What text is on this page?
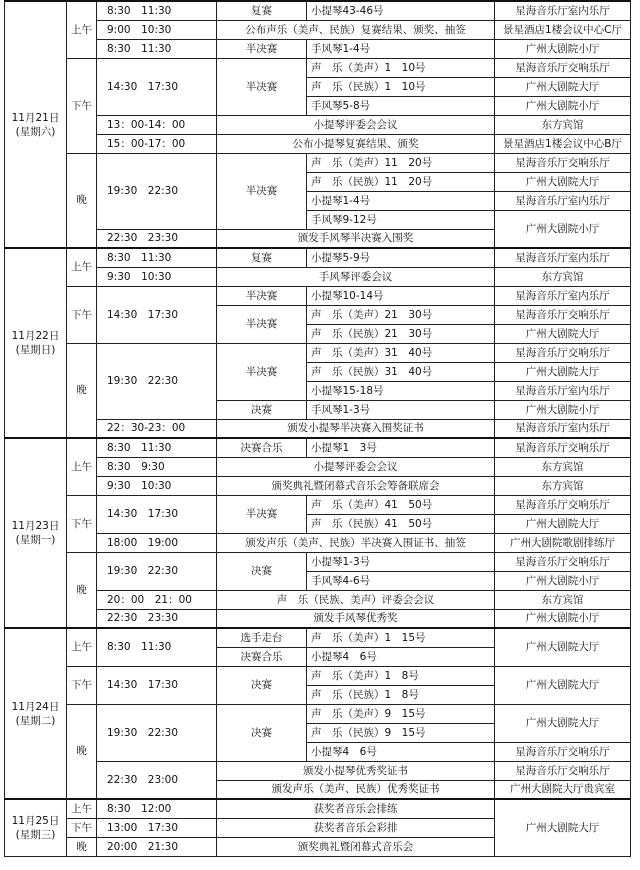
11月21日
(星期六)	上午	8:30　11:30	复赛	小提琴43-46号	星海音乐厅室内乐厅	
		9:00　10:30	公布声乐（美声、民族）复赛结果、颁奖、抽签		景星酒店1楼会议中心C厅	
		8:30　11:30	半决赛	手风琴1-4号	广州大剧院小厅	
	下午	14:30　17:30	半决赛	声　乐（美声）1　10号	星海音乐厅交响乐厅	
				声　乐（民族）1　10号	广州大剧院大厅	
				手风琴5-8号	广州大剧院小厅	
		13：00-14：00	小提琴评委会会议		东方宾馆	
		15：00-17：00	公布小提琴复赛结果、颁奖		景星酒店1楼会议中心B厅	
	晚	19:30　22:30	半决赛	声　乐（美声）11　20号	星海音乐厅交响乐厅	
				声　乐（民族）11　20号	广州大剧院大厅	
				小提琴1-4号	星海音乐厅室内乐厅	
				手风琴9-12号	广州大剧院小厅	
		22:30　23:30	颁发手风琴半决赛入围奖			

11月22日
(星期日)	上午	8:30　11:30	复赛	小提琴5-9号	星海音乐厅室内乐厅	
		9:30　10:30	手风琴评委会议		东方宾馆	
	下午	14:30　17:30	半决赛	小提琴10-14号	星海音乐厅室内乐厅	
			半决赛	声　乐（美声）21　30号	星海音乐厅交响乐厅	
				声　乐（民族）21　30号	广州大剧院大厅	
	晚	19:30　22:30	半决赛	声　乐（美声）31　40号	星海音乐厅交响乐厅	
				声　乐（民族）31　40号	广州大剧院大厅	
				小提琴15-18号	星海音乐厅室内乐厅	
			决赛	手风琴1-3号	广州大剧院小厅	
		22：30-23：00	颁发小提琴半决赛入围奖证书		星海音乐厅室内乐厅	

11月23日
(星期一)	上午	8:30　11:30	决赛合乐	小提琴1　3号	星海音乐厅交响乐厅	
		8:30　9:30	小提琴评委会会议		东方宾馆	
		9:30　10:30	颁奖典礼暨闭幕式音乐会筹备联席会		东方宾馆	
	下午	14:30　17:30	半决赛	声　乐（美声）41　50号	星海音乐厅交响乐厅	
				声　乐（民族）41　50号	广州大剧院大厅	
		18:00　19:00	颁发声乐（美声、民族）半决赛入围证书、抽签		广州大剧院歌剧排练厅	
	晚	19:30　22:30	决赛	小提琴1-3号	星海音乐厅交响乐厅	
				手风琴4-6号	广州大剧院小厅	
		20：00　21：00	声　乐（民族、美声）评委会会议		东方宾馆	
		22:30　23:30	颁发手风琴优秀奖		广州大剧院小厅	

11月24日
(星期二)	上午	8:30　11:30	选手走台	声　乐（美声）1　15号	广州大剧院大厅	
			决赛合乐	小提琴4　6号	
	下午	14:30　17:30	决赛	声　乐（美声）1　8号	广州大剧院大厅	
				声　乐（民族）1　8号		
	晚	19:30　22:30	决赛	声　乐（美声）9　15号	广州大剧院大厅	
				声　乐（民族）9　15号		
				小提琴4　6号	星海音乐厅交响乐厅	
		22:30　23:00	颁发小提琴优秀奖证书		星海音乐厅交响乐厅	
			颁发声乐（美声、民族）优秀奖证书		广州大剧院大厅贵宾室	

11月25日
(星期三)	上午	8:30　12:00	获奖者音乐会排练		广州大剧院大厅	
	下午	13:00　17:30	获奖者音乐会彩排			
	晚	20:00　21:30	颁奖典礼暨闭幕式音乐会			
